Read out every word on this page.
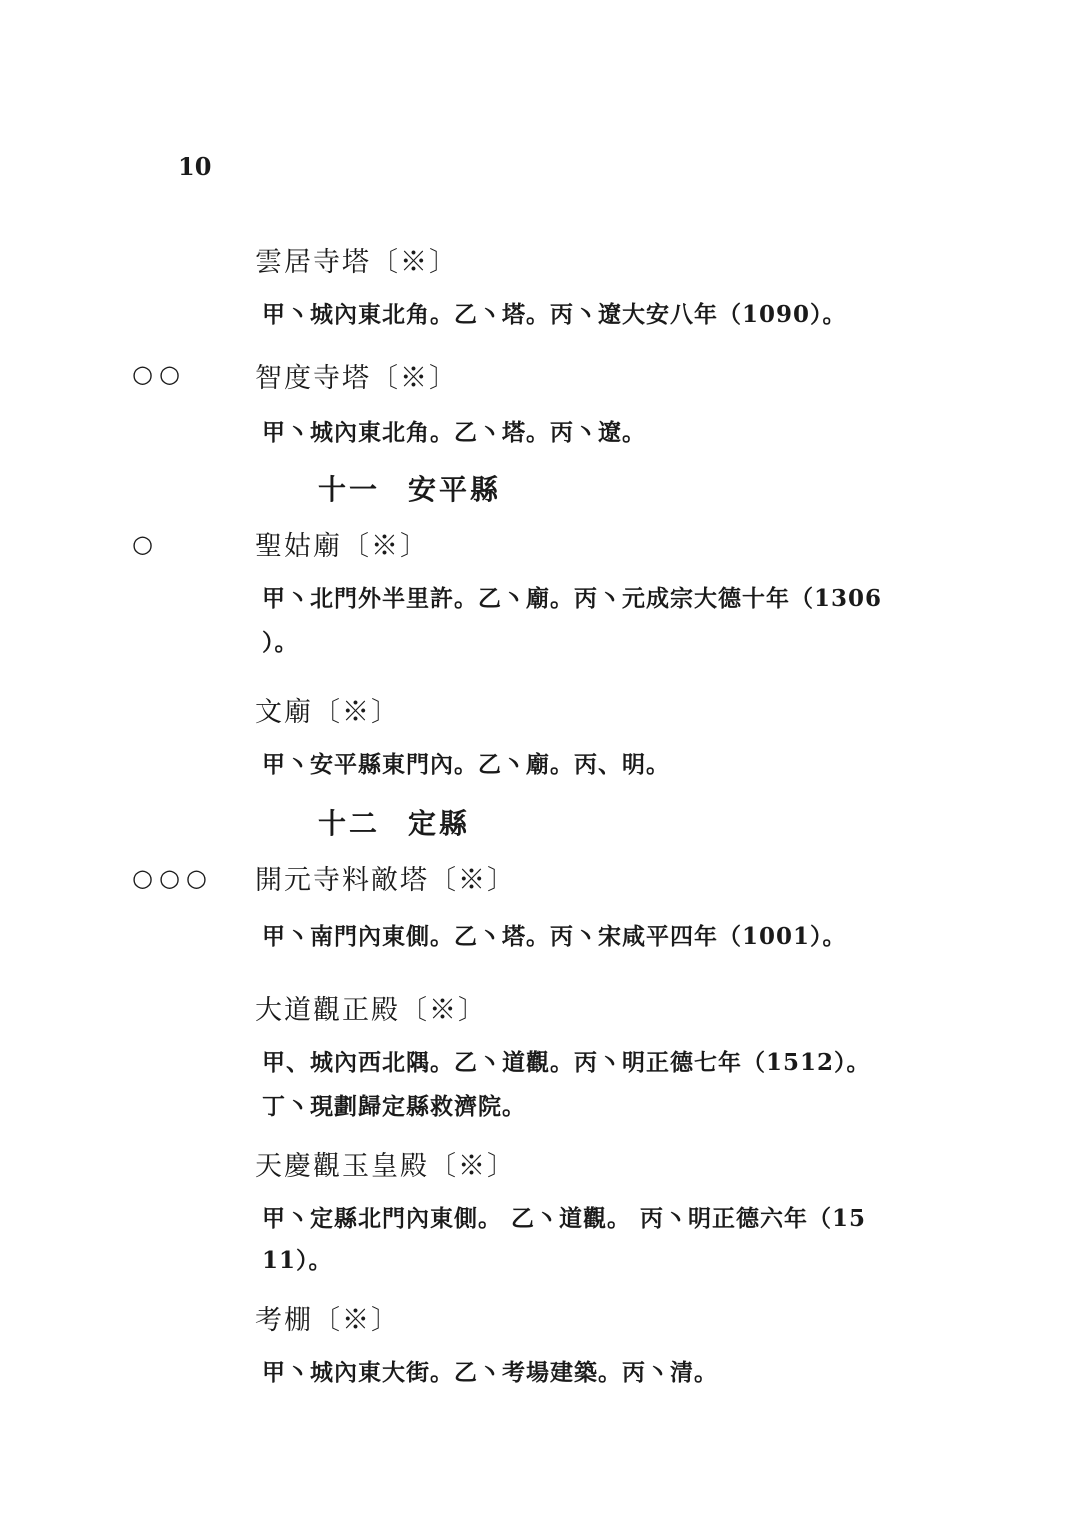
10
雲居寺塔〔※〕
甲丶城內東北角。乙丶塔。丙丶遼大安八年（1090）。
○○	智度寺塔〔※〕
甲丶城內東北角。乙丶塔。丙丶遼。
十一 安平縣
○	聖姑廟〔※〕
甲丶北門外半里許。乙丶廟。丙丶元成宗大德十年（1306
）。
文廟〔※〕
甲丶安平縣東門內。乙丶廟。丙、明。
十二 定縣
○○○ 開元寺料敵塔〔※〕
甲丶南門內東側。乙丶塔。丙丶宋咸平四年（1001）。
大道觀正殿〔※〕
甲、城內西北隅。乙丶道觀。丙丶明正德七年（1512）。
丁丶現劃歸定縣救濟院。
天慶觀玉皇殿〔※〕
甲丶定縣北門內東側。 乙丶道觀。 丙丶明正德六年（15
11）。
考棚〔※〕
甲丶城內東大街。乙丶考場建築。丙丶清。
